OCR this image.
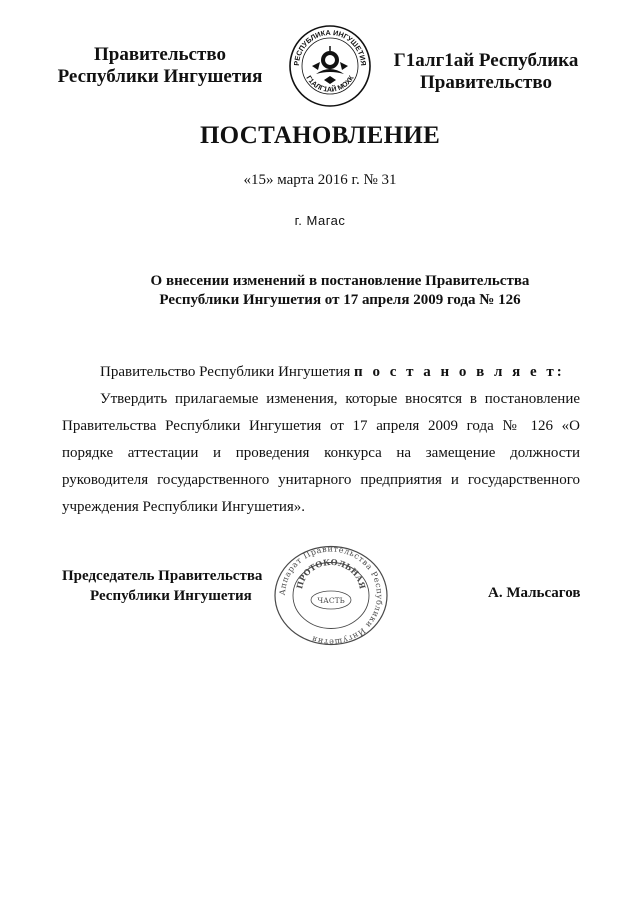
Правительство
Республики Ингушетия
РЕСПУБЛИКА ИНГУШЕТИЯ
Г1АЛГ1АЙ МОХК
Г1алг1ай Республика
Правительство
ПОСТАНОВЛЕНИЕ
«15» марта 2016 г. № 31
г. Магас
О внесении изменений в постановление Правительства
Республики Ингушетия от 17 апреля 2009 года № 126

Правительство Республики Ингушетия п о с т а н о в л я е т:

Утвердить прилагаемые изменения, которые вносятся в постановление Правительства Республики Ингушетия от 17 апреля 2009 года № 126 «О порядке аттестации и проведения конкурса на замещение должности руководителя государственного унитарного предприятия и государственного учреждения Республики Ингушетия».

Председатель Правительства
Республики Ингушетия	А. Мальсагов
Аппарат Правительства Республики Ингушетия
ПРОТОКОЛЬНАЯ
ЧАСТЬ
